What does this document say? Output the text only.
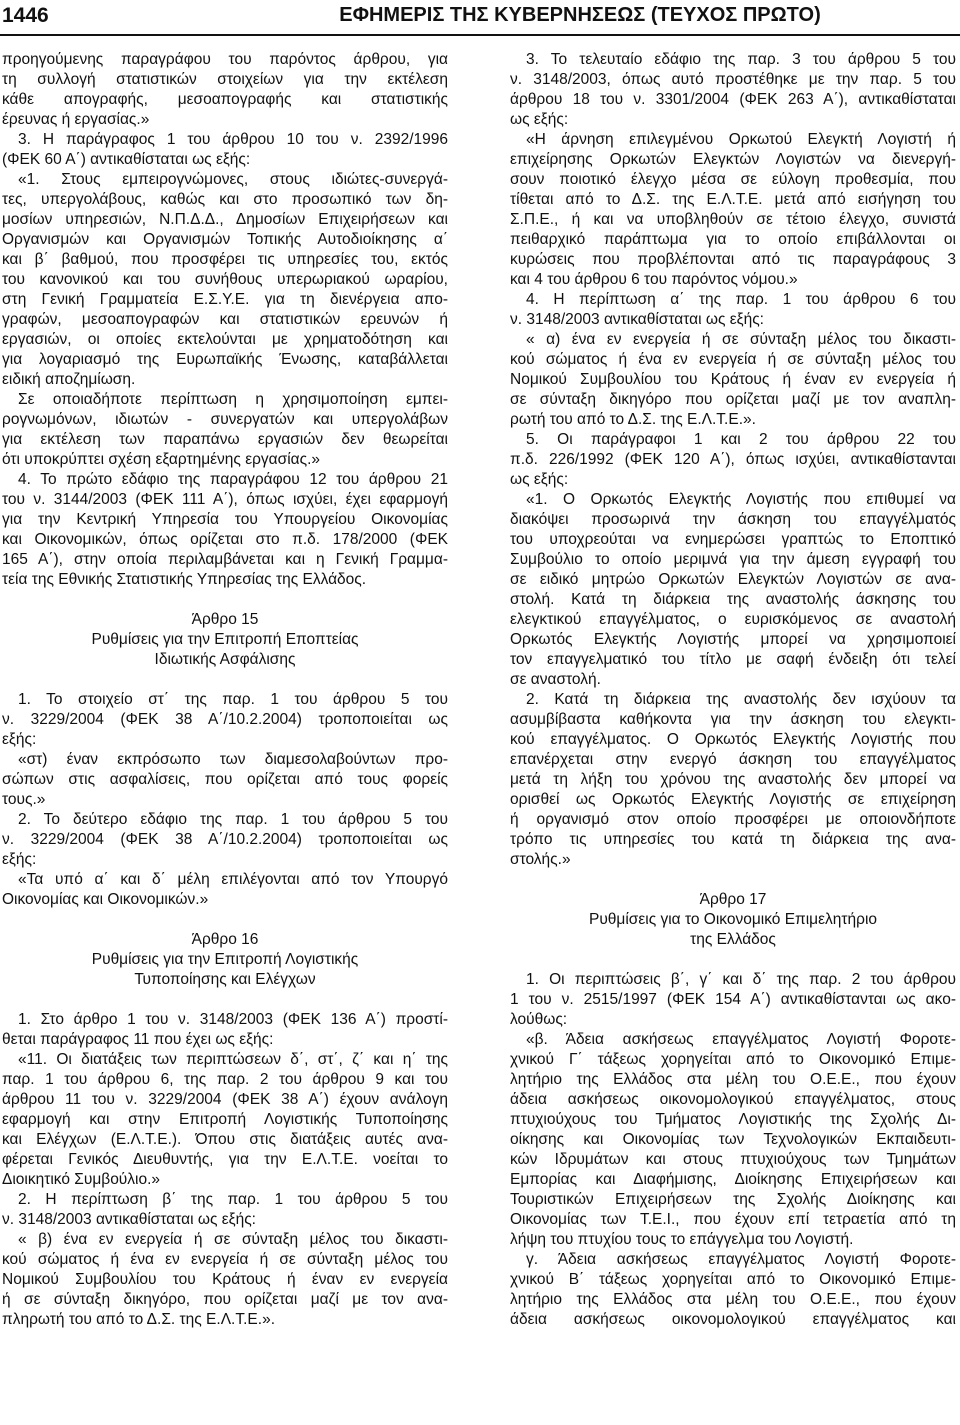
1446	ΕΦΗΜΕΡΙΣ ΤΗΣ ΚΥΒΕΡΝΗΣΕΩΣ (ΤΕΥΧΟΣ ΠΡΩΤΟ)
προηγούμενης παραγράφου του παρόντος άρθρου, για
τη συλλογή στατιστικών στοιχείων για την εκτέλεση
κάθε απογραφής, μεσοαπογραφής και στατιστικής
έρευνας ή εργασίας.»
3. Η παράγραφος 1 του άρθρου 10 του ν. 2392/1996
(ΦΕΚ 60 Α΄) αντικαθίσταται ως εξής:
«1. Στους εμπειρογνώμονες, στους ιδιώτες-συνεργά-
τες, υπεργολάβους, καθώς και στο προσωπικό των δη-
μοσίων υπηρεσιών, Ν.Π.Δ.Δ., Δημοσίων Επιχειρήσεων και
Οργανισμών και Οργανισμών Τοπικής Αυτοδιοίκησης α΄
και β΄ βαθμού, που προσφέρει τις υπηρεσίες του, εκτός
του κανονικού και του συνήθους υπερωριακού ωραρίου,
στη Γενική Γραμματεία Ε.Σ.Υ.Ε. για τη διενέργεια απο-
γραφών, μεσοαπογραφών και στατιστικών ερευνών ή
εργασιών, οι οποίες εκτελούνται με χρηματοδότηση και
για λογαριασμό της Ευρωπαϊκής Ένωσης, καταβάλλεται
ειδική αποζημίωση.
Σε οποιαδήποτε περίπτωση η χρησιμοποίηση εμπει-
ρογνωμόνων, ιδιωτών - συνεργατών και υπεργολάβων
για εκτέλεση των παραπάνω εργασιών δεν θεωρείται
ότι υποκρύπτει σχέση εξαρτημένης εργασίας.»
4. Το πρώτο εδάφιο της παραγράφου 12 του άρθρου 21
του ν. 3144/2003 (ΦΕΚ 111 Α΄), όπως ισχύει, έχει εφαρμογή
για την Κεντρική Υπηρεσία του Υπουργείου Οικονομίας
και Οικονομικών, όπως ορίζεται στο π.δ. 178/2000 (ΦΕΚ
165 Α΄), στην οποία περιλαμβάνεται και η Γενική Γραμμα-
τεία της Εθνικής Στατιστικής Υπηρεσίας της Ελλάδος.
Άρθρο 15
Ρυθμίσεις για την Επιτροπή Εποπτείας
Ιδιωτικής Ασφάλισης
1. Το στοιχείο στ΄ της παρ. 1 του άρθρου 5 του
ν. 3229/2004 (ΦΕΚ 38 Α΄/10.2.2004) τροποποιείται ως
εξής:
«στ) έναν εκπρόσωπο των διαμεσολαβούντων προ-
σώπων στις ασφαλίσεις, που ορίζεται από τους φορείς
τους.»
2. Το δεύτερο εδάφιο της παρ. 1 του άρθρου 5 του
ν. 3229/2004 (ΦΕΚ 38 Α΄/10.2.2004) τροποποιείται ως
εξής:
«Τα υπό α΄ και δ΄ μέλη επιλέγονται από τον Υπουργό
Οικονομίας και Οικονομικών.»
Άρθρο 16
Ρυθμίσεις για την Επιτροπή Λογιστικής
Τυποποίησης και Ελέγχων
1. Στο άρθρο 1 του ν. 3148/2003 (ΦΕΚ 136 Α΄) προστί-
θεται παράγραφος 11 που έχει ως εξής:
«11. Οι διατάξεις των περιπτώσεων δ΄, στ΄, ζ΄ και η΄ της
παρ. 1 του άρθρου 6, της παρ. 2 του άρθρου 9 και του
άρθρου 11 του ν. 3229/2004 (ΦΕΚ 38 Α΄) έχουν ανάλογη
εφαρμογή και στην Επιτροπή Λογιστικής Τυποποίησης
και Ελέγχων (Ε.Λ.Τ.Ε.). Όπου στις διατάξεις αυτές ανα-
φέρεται Γενικός Διευθυντής, για την Ε.Λ.Τ.Ε. νοείται το
Διοικητικό Συμβούλιο.»
2. Η περίπτωση β΄ της παρ. 1 του άρθρου 5 του
ν. 3148/2003 αντικαθίσταται ως εξής:
« β) ένα εν ενεργεία ή σε σύνταξη μέλος του δικαστι-
κού σώματος ή ένα εν ενεργεία ή σε σύνταξη μέλος του
Νομικού Συμβουλίου του Κράτους ή έναν εν ενεργεία
ή σε σύνταξη δικηγόρο, που ορίζεται μαζί με τον ανα-
πληρωτή του από το Δ.Σ. της Ε.Λ.Τ.Ε.».
3. Το τελευταίο εδάφιο της παρ. 3 του άρθρου 5 του
ν. 3148/2003, όπως αυτό προστέθηκε με την παρ. 5 του
άρθρου 18 του ν. 3301/2004 (ΦΕΚ 263 Α΄), αντικαθίσταται
ως εξής:
«Η άρνηση επιλεγμένου Ορκωτού Ελεγκτή Λογιστή ή
επιχείρησης Ορκωτών Ελεγκτών Λογιστών να διενεργή-
σουν ποιοτικό έλεγχο μέσα σε εύλογη προθεσμία, που
τίθεται από το Δ.Σ. της Ε.Λ.Τ.Ε. μετά από εισήγηση του
Σ.Π.Ε., ή και να υποβληθούν σε τέτοιο έλεγχο, συνιστά
πειθαρχικό παράπτωμα για το οποίο επιβάλλονται οι
κυρώσεις που προβλέπονται από τις παραγράφους 3
και 4 του άρθρου 6 του παρόντος νόμου.»
4. Η περίπτωση α΄ της παρ. 1 του άρθρου 6 του
ν. 3148/2003 αντικαθίσταται ως εξής:
« α) ένα εν ενεργεία ή σε σύνταξη μέλος του δικαστι-
κού σώματος ή ένα εν ενεργεία ή σε σύνταξη μέλος του
Νομικού Συμβουλίου του Κράτους ή έναν εν ενεργεία ή
σε σύνταξη δικηγόρο που ορίζεται μαζί με τον αναπλη-
ρωτή του από το Δ.Σ. της Ε.Λ.Τ.Ε.».
5. Οι παράγραφοι 1 και 2 του άρθρου 22 του
π.δ. 226/1992 (ΦΕΚ 120 Α΄), όπως ισχύει, αντικαθίστανται
ως εξής:
«1. Ο Ορκωτός Ελεγκτής Λογιστής που επιθυμεί να
διακόψει προσωρινά την άσκηση του επαγγέλματός
του υποχρεούται να ενημερώσει γραπτώς το Εποπτικό
Συμβούλιο το οποίο μεριμνά για την άμεση εγγραφή του
σε ειδικό μητρώο Ορκωτών Ελεγκτών Λογιστών σε ανα-
στολή. Κατά τη διάρκεια της αναστολής άσκησης του
ελεγκτικού επαγγέλματος, ο ευρισκόμενος σε αναστολή
Ορκωτός Ελεγκτής Λογιστής μπορεί να χρησιμοποιεί
τον επαγγελματικό του τίτλο με σαφή ένδειξη ότι τελεί
σε αναστολή.
2. Κατά τη διάρκεια της αναστολής δεν ισχύουν τα
ασυμβίβαστα καθήκοντα για την άσκηση του ελεγκτι-
κού επαγγέλματος. Ο Ορκωτός Ελεγκτής Λογιστής που
επανέρχεται στην ενεργό άσκηση του επαγγέλματος
μετά τη λήξη του χρόνου της αναστολής δεν μπορεί να
ορισθεί ως Ορκωτός Ελεγκτής Λογιστής σε επιχείρηση
ή οργανισμό στον οποίο προσφέρει με οποιονδήποτε
τρόπο τις υπηρεσίες του κατά τη διάρκεια της ανα-
στολής.»
Άρθρο 17
Ρυθμίσεις για το Οικονομικό Επιμελητήριο
της Ελλάδος
1. Οι περιπτώσεις β΄, γ΄ και δ΄ της παρ. 2 του άρθρου
1 του ν. 2515/1997 (ΦΕΚ 154 Α΄) αντικαθίστανται ως ακο-
λούθως:
«β. Άδεια ασκήσεως επαγγέλματος Λογιστή Φοροτε-
χνικού Γ΄ τάξεως χορηγείται από το Οικονομικό Επιμε-
λητήριο της Ελλάδος στα μέλη του Ο.Ε.Ε., που έχουν
άδεια ασκήσεως οικονομολογικού επαγγέλματος, στους
πτυχιούχους του Τμήματος Λογιστικής της Σχολής Δι-
οίκησης και Οικονομίας των Τεχνολογικών Εκπαιδευτι-
κών Ιδρυμάτων και στους πτυχιούχους των Τμημάτων
Εμπορίας και Διαφήμισης, Διοίκησης Επιχειρήσεων και
Τουριστικών Επιχειρήσεων της Σχολής Διοίκησης και
Οικονομίας των Τ.Ε.Ι., που έχουν επί τετραετία από τη
λήψη του πτυχίου τους το επάγγελμα του Λογιστή.
γ. Άδεια ασκήσεως επαγγέλματος Λογιστή Φοροτε-
χνικού Β΄ τάξεως χορηγείται από το Οικονομικό Επιμε-
λητήριο της Ελλάδος στα μέλη του Ο.Ε.Ε., που έχουν
άδεια ασκήσεως οικονομολογικού επαγγέλματος και
